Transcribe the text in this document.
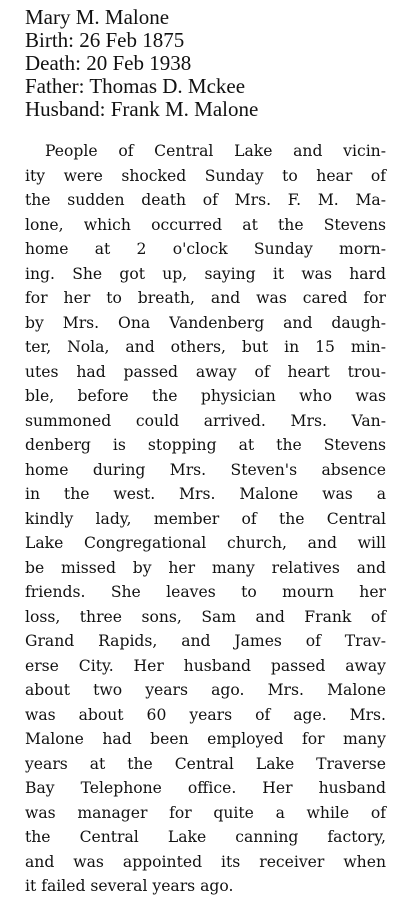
Mary M. Malone
Birth: 26 Feb 1875
Death: 20 Feb 1938
Father: Thomas D. Mckee
Husband: Frank M. Malone
People of Central Lake and vicin-
ity were shocked Sunday to hear of
the sudden death of Mrs. F. M. Ma-
lone, which occurred at the Stevens
home at 2 o'clock Sunday morn-
ing. She got up, saying it was hard
for her to breath, and was cared for
by Mrs. Ona Vandenberg and daugh-
ter, Nola, and others, but in 15 min-
utes had passed away of heart trou-
ble, before the physician who was
summoned could arrived. Mrs. Van-
denberg is stopping at the Stevens
home during Mrs. Steven's absence
in the west. Mrs. Malone was a
kindly lady, member of the Central
Lake Congregational church, and will
be missed by her many relatives and
friends. She leaves to mourn her
loss, three sons, Sam and Frank of
Grand Rapids, and James of Trav-
erse City. Her husband passed away
about two years ago. Mrs. Malone
was about 60 years of age. Mrs.
Malone had been employed for many
years at the Central Lake Traverse
Bay Telephone office. Her husband
was manager for quite a while of
the Central Lake canning factory,
and was appointed its receiver when
it failed several years ago.
